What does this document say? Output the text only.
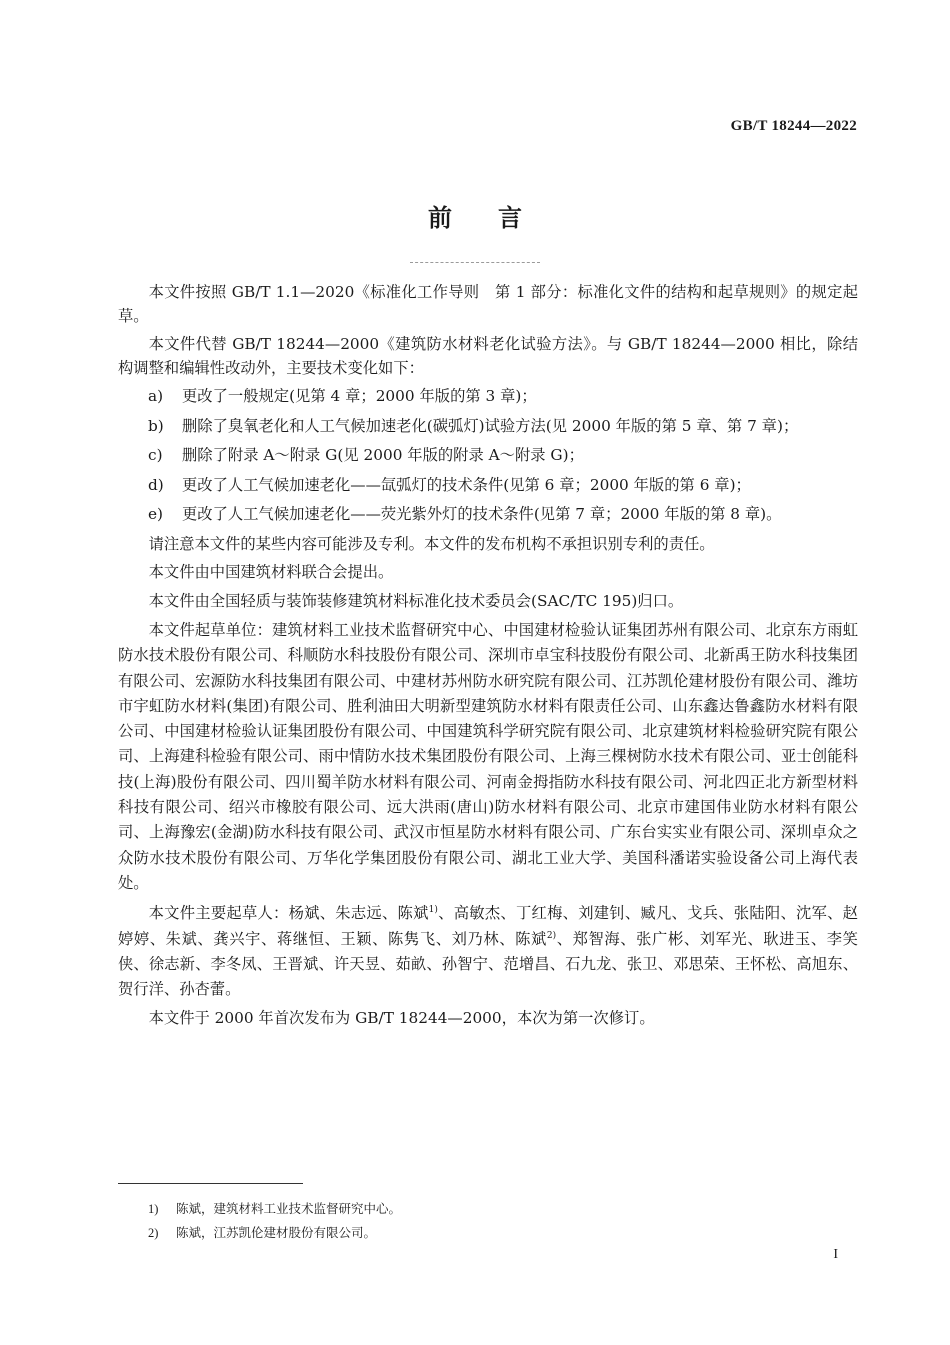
GB/T 18244—2022
前言

本文件按照 GB/T 1.1—2020《标准化工作导则　第 1 部分：标准化文件的结构和起草规则》的规定起草。

本文件代替 GB/T 18244—2000《建筑防水材料老化试验方法》。与 GB/T 18244—2000 相比，除结构调整和编辑性改动外，主要技术变化如下：

a) 更改了一般规定(见第 4 章；2000 年版的第 3 章)；

b) 删除了臭氧老化和人工气候加速老化(碳弧灯)试验方法(见 2000 年版的第 5 章、第 7 章)；

c) 删除了附录 A～附录 G(见 2000 年版的附录 A～附录 G)；

d) 更改了人工气候加速老化——氙弧灯的技术条件(见第 6 章；2000 年版的第 6 章)；

e) 更改了人工气候加速老化——荧光紫外灯的技术条件(见第 7 章；2000 年版的第 8 章)。

请注意本文件的某些内容可能涉及专利。本文件的发布机构不承担识别专利的责任。

本文件由中国建筑材料联合会提出。

本文件由全国轻质与装饰装修建筑材料标准化技术委员会(SAC/TC 195)归口。

本文件起草单位：建筑材料工业技术监督研究中心、中国建材检验认证集团苏州有限公司、北京东方雨虹防水技术股份有限公司、科顺防水科技股份有限公司、深圳市卓宝科技股份有限公司、北新禹王防水科技集团有限公司、宏源防水科技集团有限公司、中建材苏州防水研究院有限公司、江苏凯伦建材股份有限公司、潍坊市宇虹防水材料(集团)有限公司、胜利油田大明新型建筑防水材料有限责任公司、山东鑫达鲁鑫防水材料有限公司、中国建材检验认证集团股份有限公司、中国建筑科学研究院有限公司、北京建筑材料检验研究院有限公司、上海建科检验有限公司、雨中情防水技术集团股份有限公司、上海三棵树防水技术有限公司、亚士创能科技(上海)股份有限公司、四川蜀羊防水材料有限公司、河南金拇指防水科技有限公司、河北四正北方新型材料科技有限公司、绍兴市橡胶有限公司、远大洪雨(唐山)防水材料有限公司、北京市建国伟业防水材料有限公司、上海豫宏(金湖)防水科技有限公司、武汉市恒星防水材料有限公司、广东台实实业有限公司、深圳卓众之众防水技术股份有限公司、万华化学集团股份有限公司、湖北工业大学、美国科潘诺实验设备公司上海代表处。

本文件主要起草人：杨斌、朱志远、陈斌$^{1)}$、高敏杰、丁红梅、刘建钊、臧凡、戈兵、张陆阳、沈军、赵婷婷、朱斌、龚兴宇、蒋继恒、王颖、陈隽飞、刘乃林、陈斌$^{2)}$、郑智海、张广彬、刘军光、耿进玉、李笑侠、徐志新、李冬凤、王晋斌、许天昱、茹畝、孙智宁、范增昌、石九龙、张卫、邓思荣、王怀松、高旭东、贺行洋、孙杏蕾。

本文件于 2000 年首次发布为 GB/T 18244—2000，本次为第一次修订。

1) 陈斌，建筑材料工业技术监督研究中心。
2) 陈斌，江苏凯伦建材股份有限公司。
I
